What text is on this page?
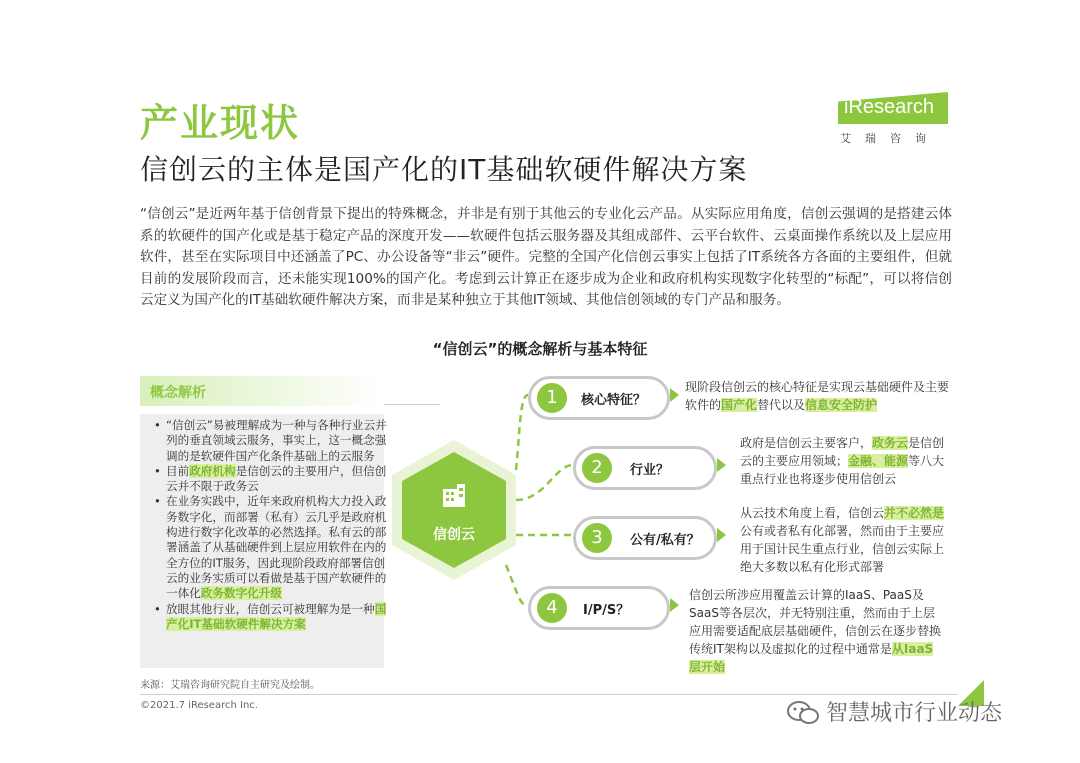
产业现状
信创云的主体是国产化的IT基础软硬件解决方案
iResearch
艾瑞咨询
“信创云”是近两年基于信创背景下提出的特殊概念，并非是有别于其他云的专业化云产品。从实际应用角度，信创云强调的是搭建云体系的软硬件的国产化或是基于稳定产品的深度开发——软硬件包括云服务器及其组成部件、云平台软件、云桌面操作系统以及上层应用软件，甚至在实际项目中还涵盖了PC、办公设备等“非云”硬件。完整的全国产化信创云事实上包括了IT系统各方各面的主要组件，但就目前的发展阶段而言，还未能实现100%的国产化。考虑到云计算正在逐步成为企业和政府机构实现数字化转型的“标配”，可以将信创云定义为国产化的IT基础软硬件解决方案，而非是某种独立于其他IT领域、其他信创领域的专门产品和服务。
“信创云”的概念解析与基本特征
概念解析
• “信创云”易被理解成为一种与各种行业云并列的垂直领域云服务，事实上，这一概念强调的是软硬件国产化条件基础上的云服务
• 目前政府机构是信创云的主要用户，但信创云并不限于政务云
• 在业务实践中，近年来政府机构大力投入政务数字化，而部署（私有）云几乎是政府机构进行数字化改革的必然选择。私有云的部署涵盖了从基础硬件到上层应用软件在内的全方位的IT服务，因此现阶段政府部署信创云的业务实质可以看做是基于国产软硬件的一体化政务数字化升级
• 放眼其他行业，信创云可被理解为是一种国产化IT基础软硬件解决方案
信创云
1	核心特征？
现阶段信创云的核心特征是实现云基础硬件及主要软件的国产化替代以及信息安全防护
2	行业？
政府是信创云主要客户，政务云是信创云的主要应用领域；金融、能源等八大重点行业也将逐步使用信创云
3	公有/私有？
从云技术角度上看，信创云并不必然是公有或者私有化部署，然而由于主要应用于国计民生重点行业，信创云实际上绝大多数以私有化形式部署
4	I/P/S？
信创云所涉应用覆盖云计算的IaaS、PaaS及SaaS等各层次，并无特别注重，然而由于上层应用需要适配底层基础硬件，信创云在逐步替换传统IT架构以及虚拟化的过程中通常是从IaaS层开始
来源：艾瑞咨询研究院自主研究及绘制。
©2021.7 iResearch Inc.	智慧城市行业动态
